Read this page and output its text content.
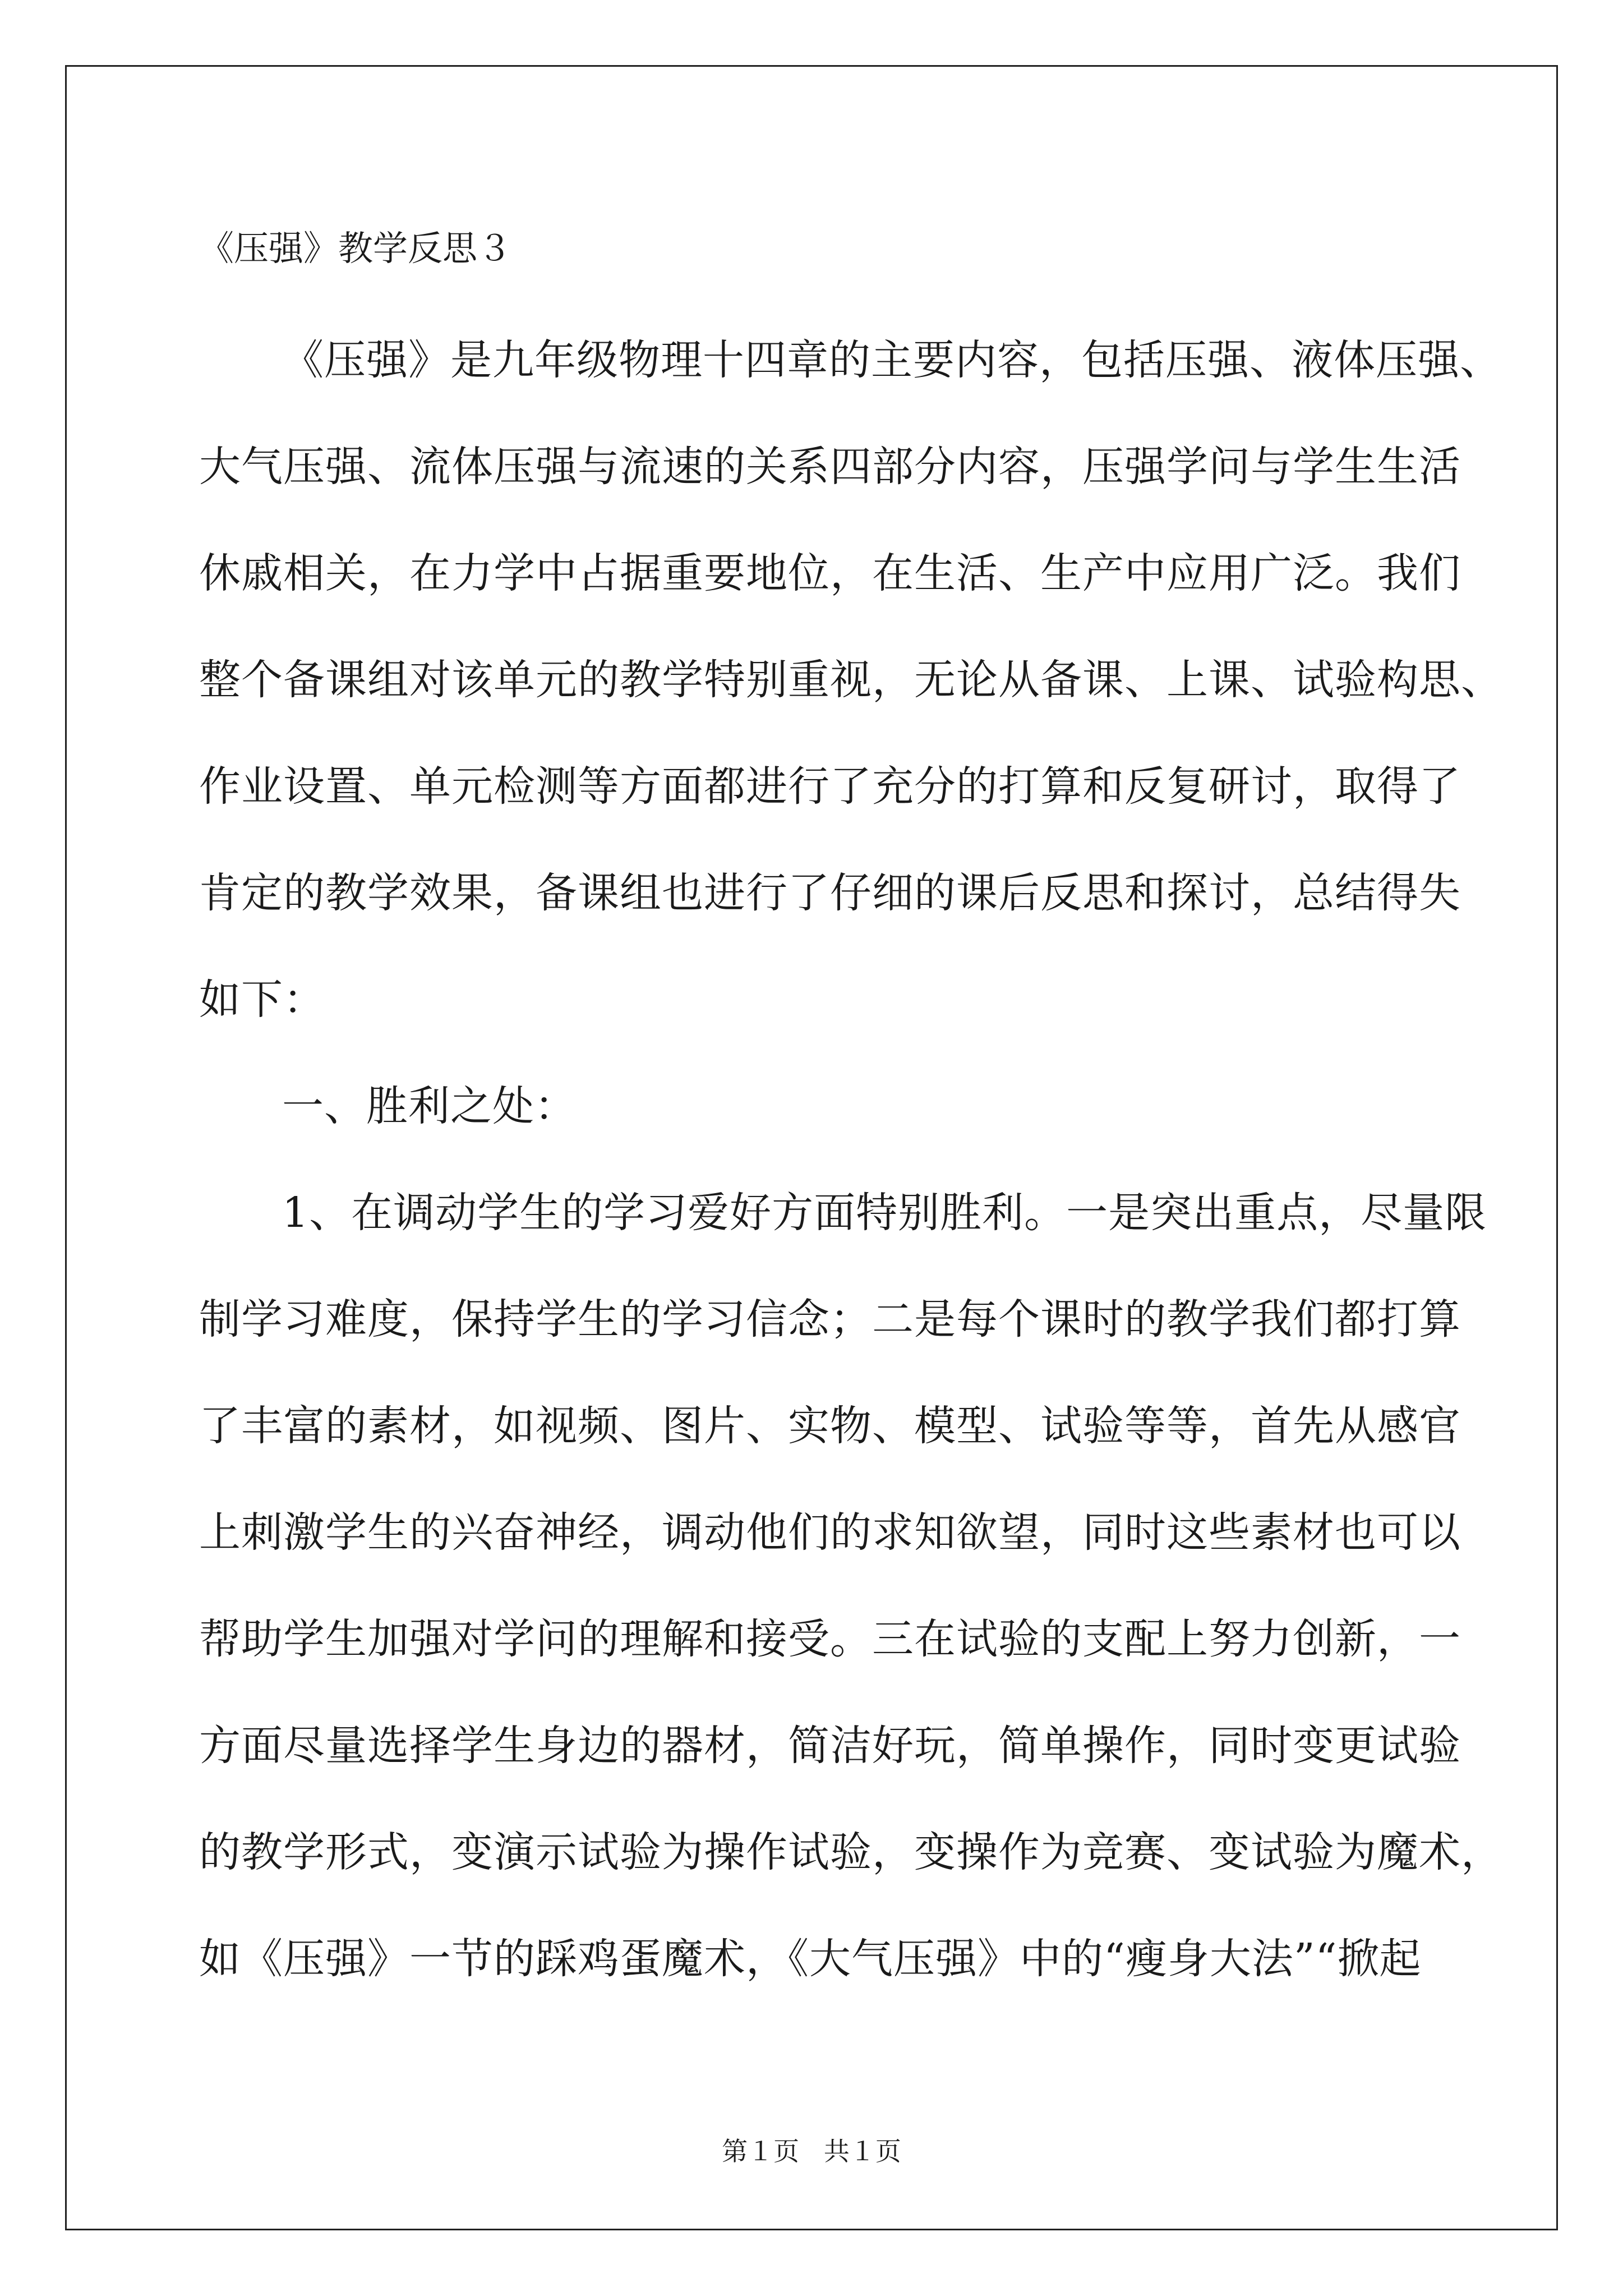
《压强》教学反思３
《压强》是九年级物理十四章的主要内容，包括压强、液体压强、
大气压强、流体压强与流速的关系四部分内容，压强学问与学生生活
休戚相关，在力学中占据重要地位，在生活、生产中应用广泛。我们
整个备课组对该单元的教学特别重视，无论从备课、上课、试验构思、
作业设置、单元检测等方面都进行了充分的打算和反复研讨，取得了
肯定的教学效果，备课组也进行了仔细的课后反思和探讨，总结得失
如下：
一、胜利之处：
1、在调动学生的学习爱好方面特别胜利。一是突出重点，尽量限
制学习难度，保持学生的学习信念；二是每个课时的教学我们都打算
了丰富的素材，如视频、图片、实物、模型、试验等等，首先从感官
上刺激学生的兴奋神经，调动他们的求知欲望，同时这些素材也可以
帮助学生加强对学问的理解和接受。三在试验的支配上努力创新，一
方面尽量选择学生身边的器材，简洁好玩，简单操作，同时变更试验
的教学形式，变演示试验为操作试验，变操作为竞赛、变试验为魔术，
如《压强》一节的踩鸡蛋魔术，《大气压强》中的“瘦身大法”“掀起
第１页   共１页
